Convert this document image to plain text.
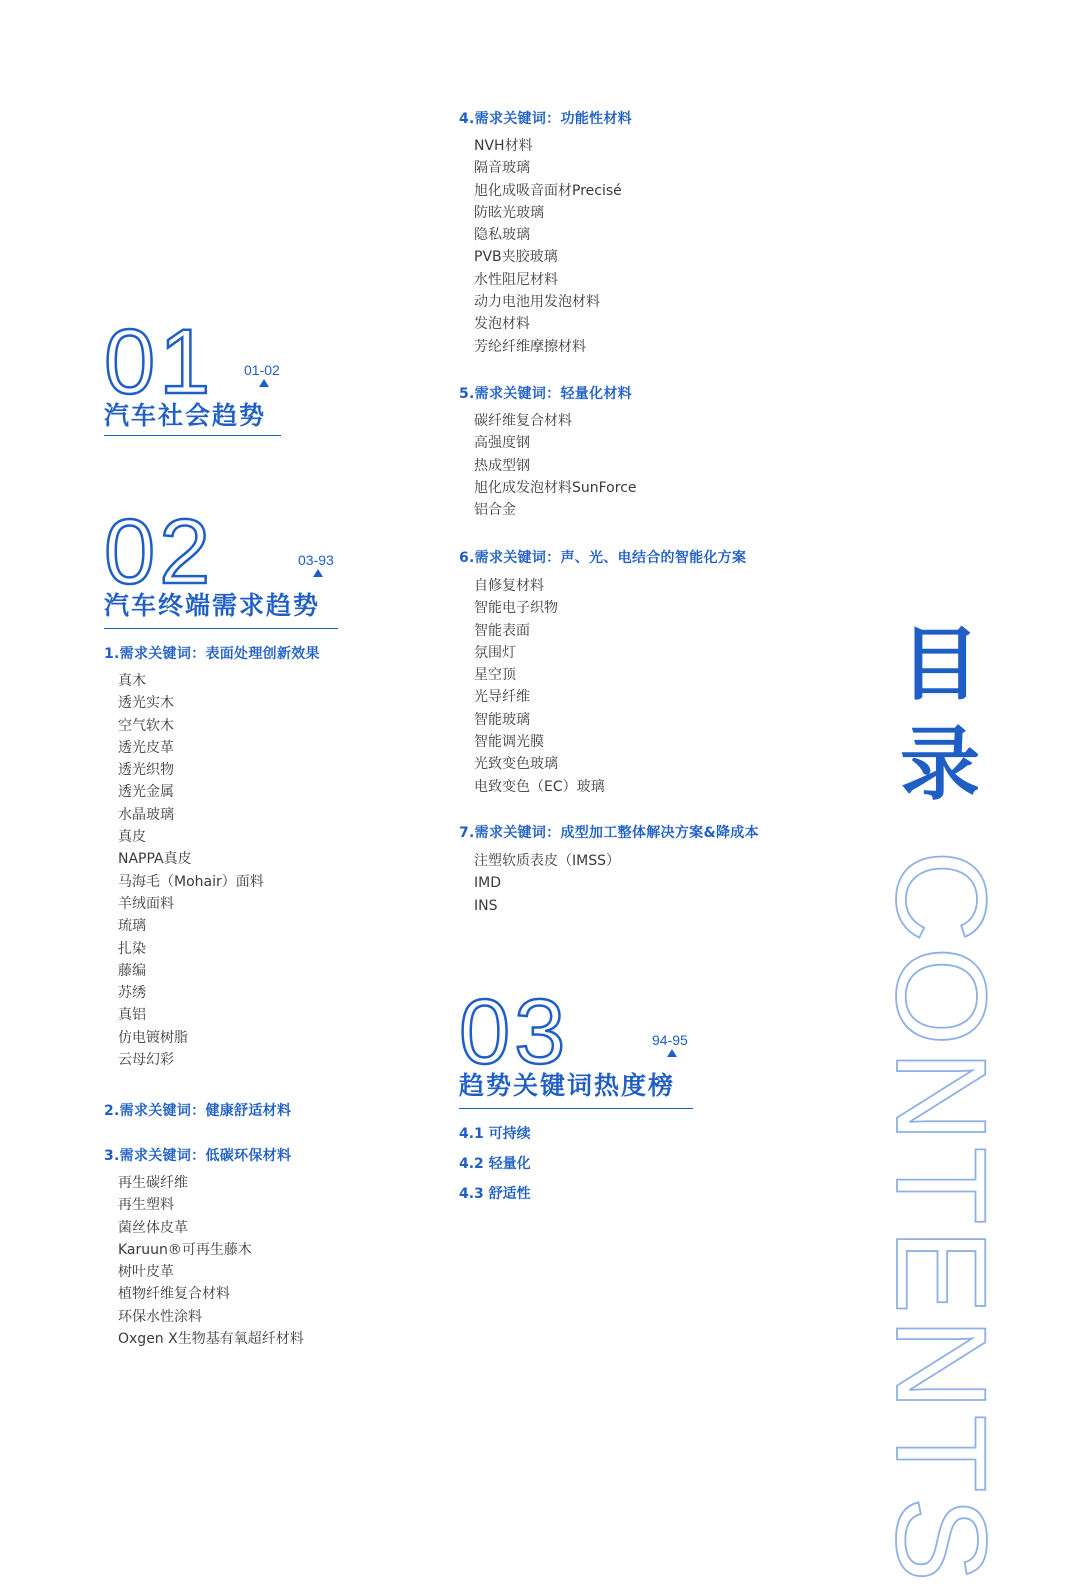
01 01-02
汽车社会趋势
02	03-93
汽车终端需求趋势
1.需求关键词：表面处理创新效果
真木
透光实木
空气软木
透光皮革
透光织物
透光金属
水晶玻璃
真皮
NAPPA真皮
马海毛（Mohair）面料
羊绒面料
琉璃
扎染
藤编
苏绣
真铝
仿电镀树脂
云母幻彩
2.需求关键词：健康舒适材料
3.需求关键词：低碳环保材料
再生碳纤维
再生塑料
菌丝体皮革
Karuun®可再生藤木
树叶皮革
植物纤维复合材料
环保水性涂料
Oxgen X生物基有氧超纤材料
4.需求关键词：功能性材料
NVH材料
隔音玻璃
旭化成吸音面材Precisé
防眩光玻璃
隐私玻璃
PVB夹胶玻璃
水性阻尼材料
动力电池用发泡材料
发泡材料
芳纶纤维摩擦材料
5.需求关键词：轻量化材料
碳纤维复合材料
高强度钢
热成型钢
旭化成发泡材料SunForce
铝合金
6.需求关键词：声、光、电结合的智能化方案
自修复材料
智能电子织物
智能表面
氛围灯
星空顶
光导纤维
智能玻璃
智能调光膜
光致变色玻璃
电致变色（EC）玻璃
7.需求关键词：成型加工整体解决方案&降成本
注塑软质表皮（IMSS）
IMD
INS
03	94-95
趋势关键词热度榜
4.1 可持续
4.2 轻量化
4.3 舒适性
目
录
CONTENTS
